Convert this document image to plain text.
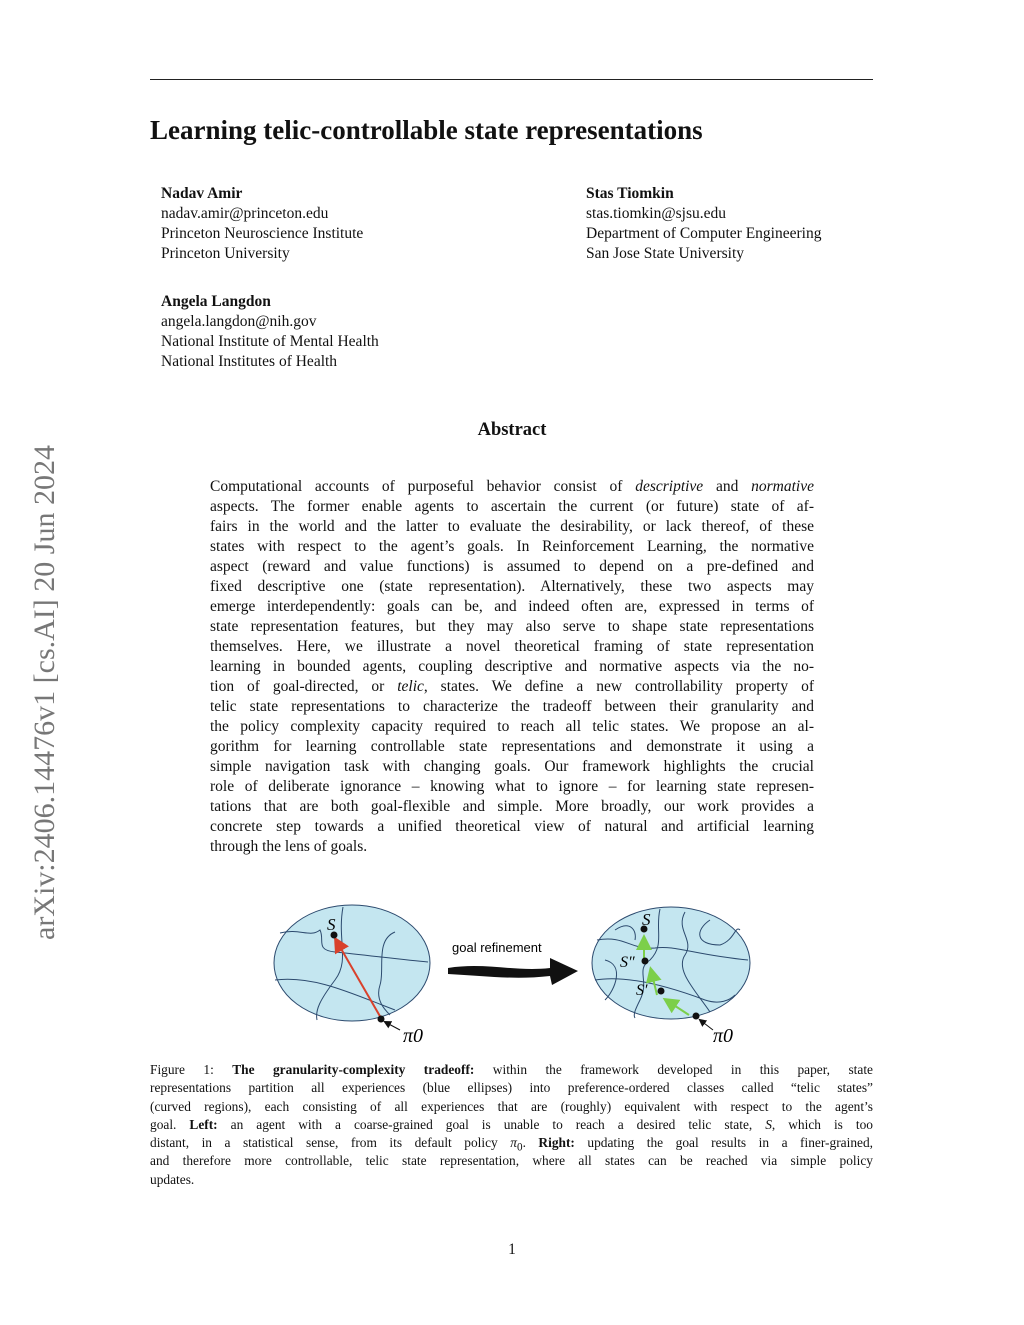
Learning telic-controllable state representations
Nadav Amir
nadav.amir@princeton.edu
Princeton Neuroscience Institute
Princeton University
Stas Tiomkin
stas.tiomkin@sjsu.edu
Department of Computer Engineering
San Jose State University
Angela Langdon
angela.langdon@nih.gov
National Institute of Mental Health
National Institutes of Health
arXiv:2406.14476v1 [cs.AI] 20 Jun 2024
Abstract
Computational accounts of purposeful behavior consist of descriptive and normative
aspects. The former enable agents to ascertain the current (or future) state of af-
fairs in the world and the latter to evaluate the desirability, or lack thereof, of these
states with respect to the agent’s goals. In Reinforcement Learning, the normative
aspect (reward and value functions) is assumed to depend on a pre-defined and
fixed descriptive one (state representation). Alternatively, these two aspects may
emerge interdependently: goals can be, and indeed often are, expressed in terms of
state representation features, but they may also serve to shape state representations
themselves. Here, we illustrate a novel theoretical framing of state representation
learning in bounded agents, coupling descriptive and normative aspects via the no-
tion of goal-directed, or telic, states. We define a new controllability property of
telic state representations to characterize the tradeoff between their granularity and
the policy complexity capacity required to reach all telic states. We propose an al-
gorithm for learning controllable state representations and demonstrate it using a
simple navigation task with changing goals. Our framework highlights the crucial
role of deliberate ignorance – knowing what to ignore – for learning state represen-
tations that are both goal-flexible and simple. More broadly, our work provides a
concrete step towards a unified theoretical view of natural and artificial learning
through the lens of goals.
S
π0
goal refinement
S
S″
S′
π0
Figure 1: The granularity-complexity tradeoff: within the framework developed in this paper, state
representations partition all experiences (blue ellipses) into preference-ordered classes called “telic states”
(curved regions), each consisting of all experiences that are (roughly) equivalent with respect to the agent’s
goal. Left: an agent with a coarse-grained goal is unable to reach a desired telic state, S, which is too
distant, in a statistical sense, from its default policy $\pi_0$. Right: updating the goal results in a finer-grained,
and therefore more controllable, telic state representation, where all states can be reached via simple policy
updates.
1
